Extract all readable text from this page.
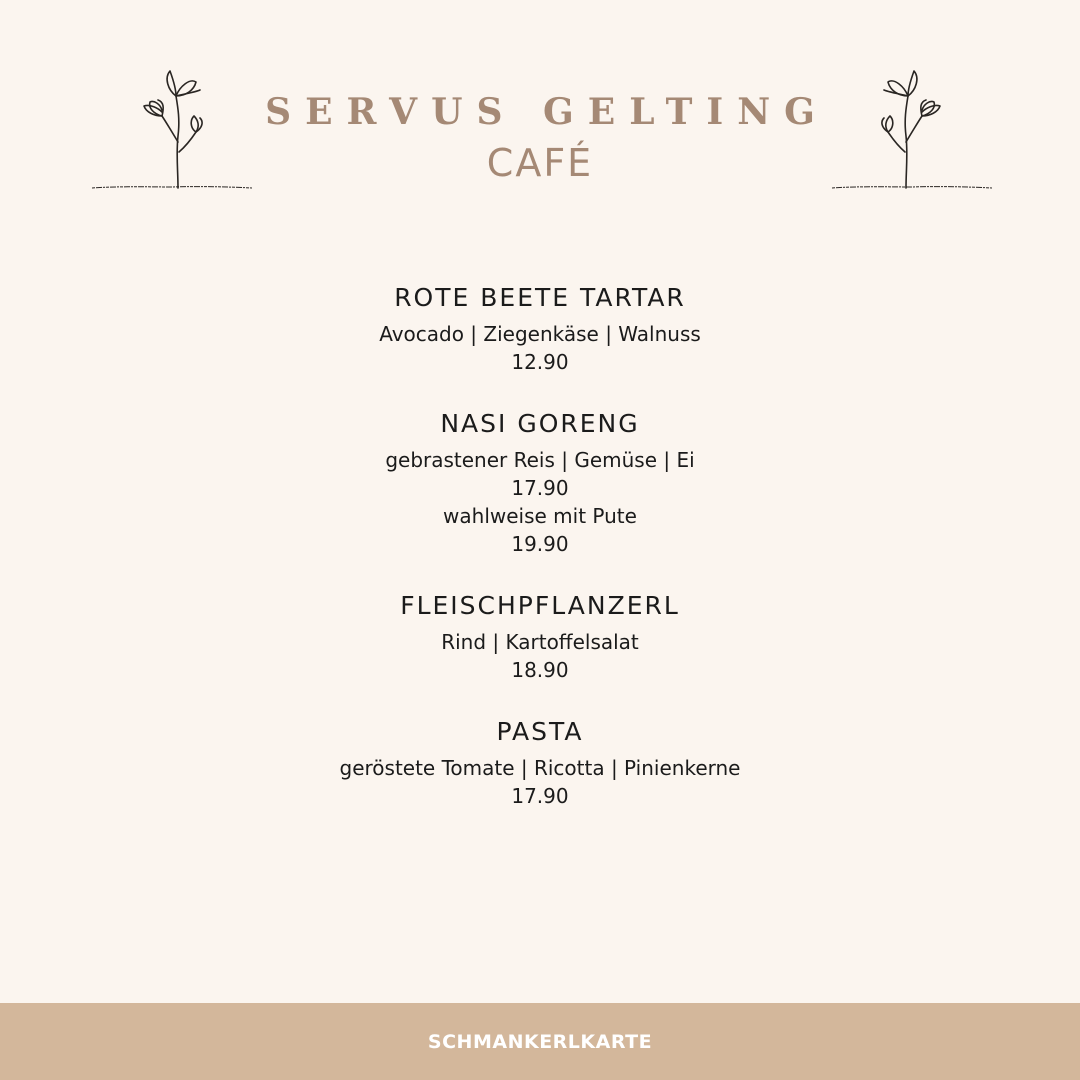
SERVUS GELTING
CAFÉ
ROTE BEETE TARTAR
Avocado | Ziegenkäse | Walnuss
12.90
NASI GORENG
gebrastener Reis | Gemüse | Ei
17.90
wahlweise mit Pute
19.90
FLEISCHPFLANZERL
Rind | Kartoffelsalat
18.90
PASTA
geröstete Tomate | Ricotta | Pinienkerne
17.90
SCHMANKERLKARTE
